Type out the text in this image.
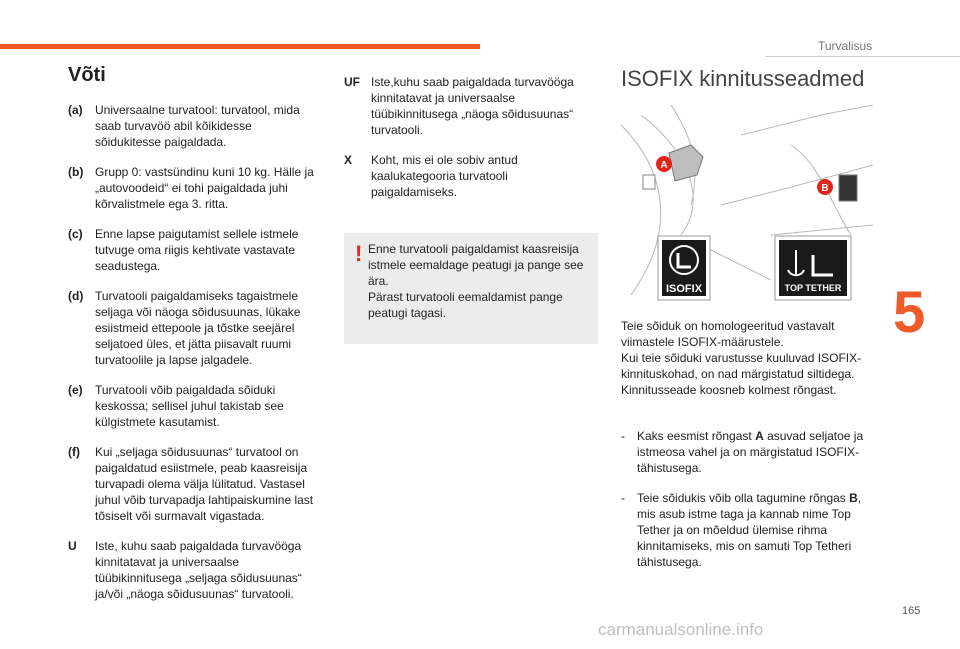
Turvalisus
Võti
(a) Universaalne turvatool: turvatool, mida saab turvavöö abil kõikidesse sõidukitesse paigaldada.
(b) Grupp 0: vastsündinu kuni 10 kg. Hälle ja „autovoodeid“ ei tohi paigaldada juhi kõrvalistmele ega 3. ritta.
(c) Enne lapse paigutamist sellele istmele tutvuge oma riigis kehtivate vastavate seadustega.
(d) Turvatooli paigaldamiseks tagaistmele seljaga või näoga sõidusuunas, lükake esiistmeid ettepoole ja tõstke seejärel seljatoed üles, et jätta piisavalt ruumi turvatoolile ja lapse jalgadele.
(e) Turvatooli võib paigaldada sõiduki keskossa; sellisel juhul takistab see külgistmete kasutamist.
(f) Kui „seljaga sõidusuunas“ turvatool on paigaldatud esiistmele, peab kaasreisija turvapadi olema välja lülitatud. Vastasel juhul võib turvapadja lahtipaiskumine last tõsiselt või surmavalt vigastada.
U Iste, kuhu saab paigaldada turvavööga kinnitatavat ja universaalse tüübikinnitusega „seljaga sõidusuunas“ ja/või „näoga sõidusuunas“ turvatooli.
UF Iste,kuhu saab paigaldada turvavööga kinnitatavat ja universaalse tüübikinnitusega „näoga sõidusuunas“ turvatooli.
X Koht, mis ei ole sobiv antud kaalukategooria turvatooli paigaldamiseks.
! Enne turvatooli paigaldamist kaasreisija istmele eemaldage peatugi ja pange see ära.
Pärast turvatooli eemaldamist pange peatugi tagasi.
ISOFIX kinnitusseadmed
A
B
ISOFIX	TOP TETHER
Teie sõiduk on homologeeritud vastavalt viimastele ISOFIX-määrustele.
Kui teie sõiduki varustusse kuuluvad ISOFIX-kinnituskohad, on nad märgistatud siltidega.
Kinnitusseade koosneb kolmest rõngast.
- Kaks eesmist rõngast A asuvad seljatoe ja istmeosa vahel ja on märgistatud ISOFIX-tähistusega.
- Teie sõidukis võib olla tagumine rõngas B, mis asub istme taga ja kannab nime Top Tether ja on mõeldud ülemise rihma kinnitamiseks, mis on samuti Top Tetheri tähistusega.
5
165
carmanualsonline.info
